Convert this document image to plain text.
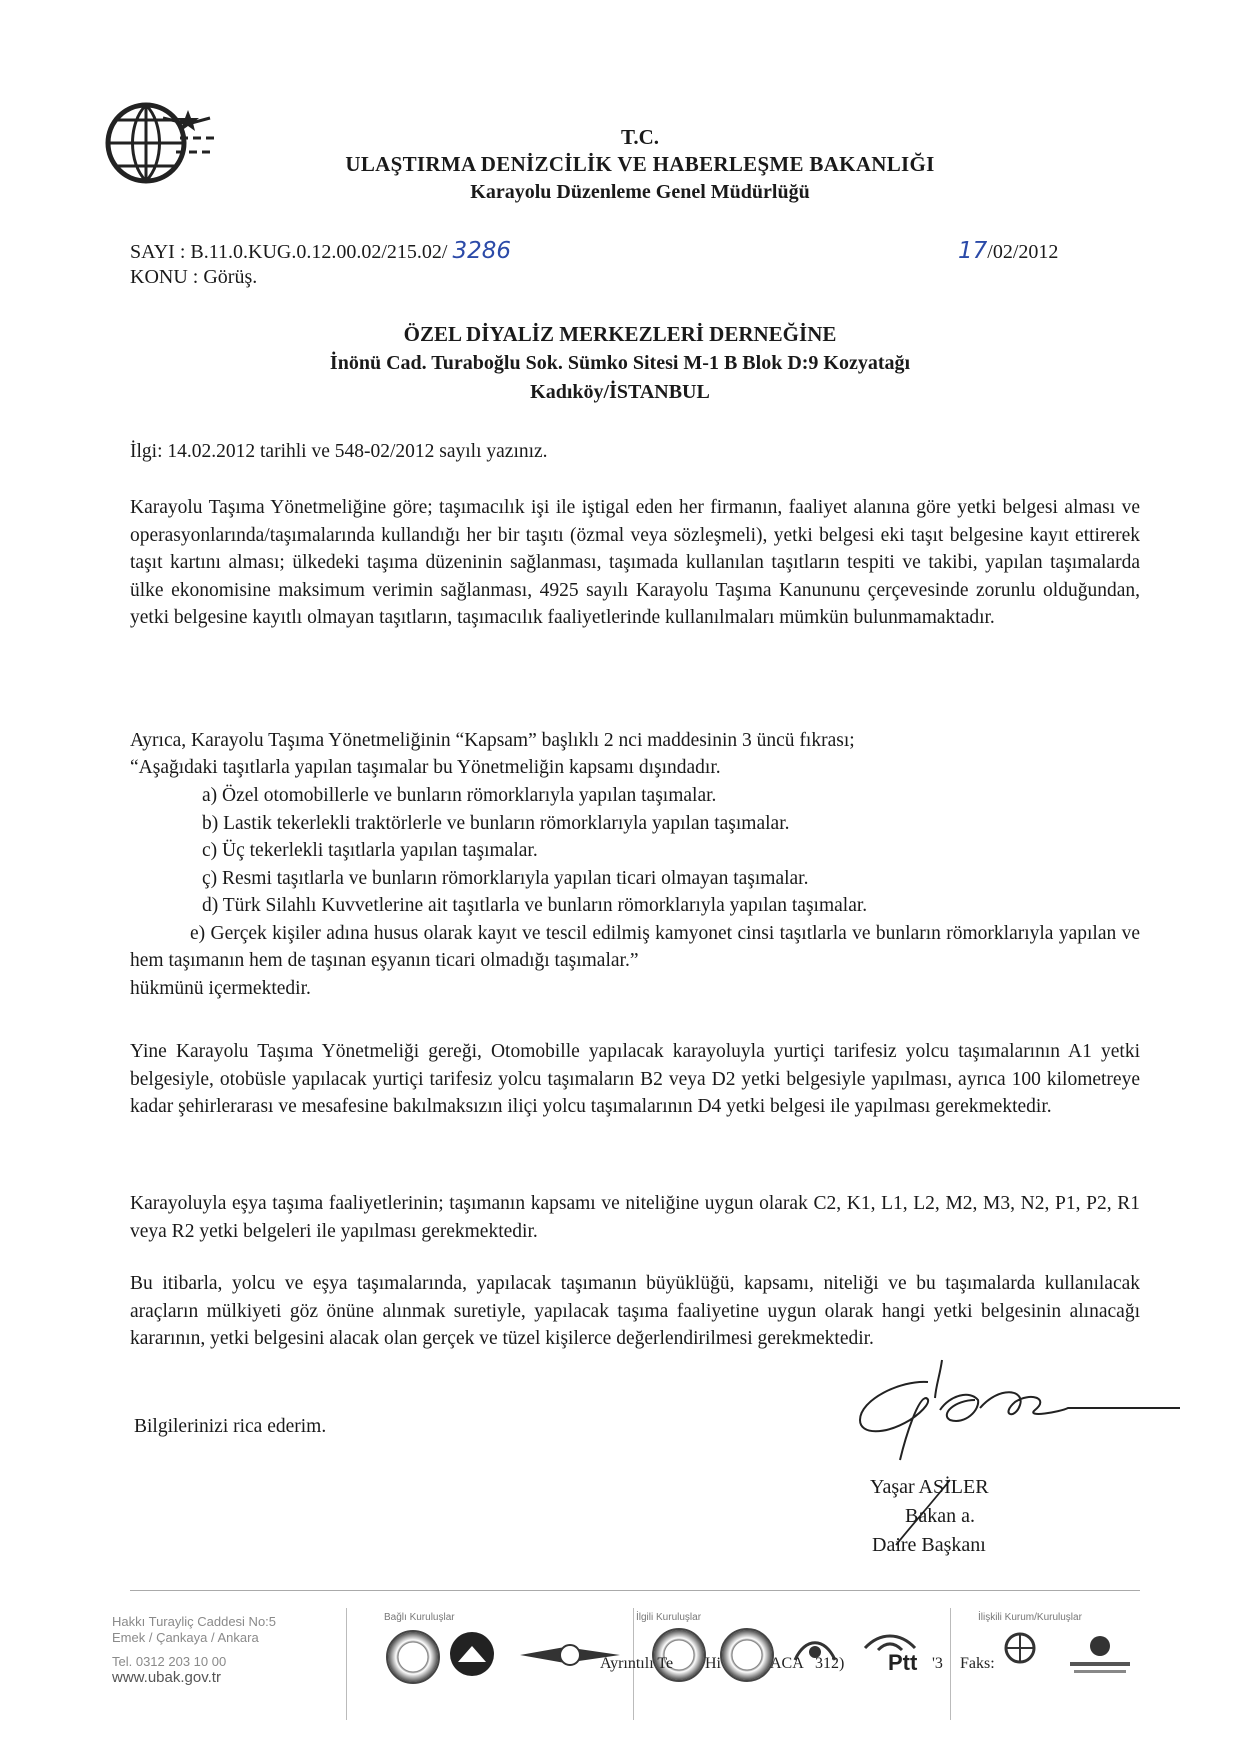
T.C.
ULAŞTIRMA DENİZCİLİK VE HABERLEŞME BAKANLIĞI
Karayolu Düzenleme Genel Müdürlüğü
SAYI : B.11.0.KUG.0.12.00.02/215.02/ 3286	17/02/2012
KONU : Görüş.
ÖZEL DİYALİZ MERKEZLERİ DERNEĞİNE
İnönü Cad. Turaboğlu Sok. Sümko Sitesi M-1 B Blok D:9 Kozyatağı
Kadıköy/İSTANBUL
İlgi: 14.02.2012 tarihli ve 548-02/2012 sayılı yazınız.

Karayolu Taşıma Yönetmeliğine göre; taşımacılık işi ile iştigal eden her firmanın, faaliyet alanına göre yetki belgesi alması ve operasyonlarında/taşımalarında kullandığı her bir taşıtı (özmal veya sözleşmeli), yetki belgesi eki taşıt belgesine kayıt ettirerek taşıt kartını alması; ülkedeki taşıma düzeninin sağlanması, taşımada kullanılan taşıtların tespiti ve takibi, yapılan taşımalarda ülke ekonomisine maksimum verimin sağlanması, 4925 sayılı Karayolu Taşıma Kanununu çerçevesinde zorunlu olduğundan, yetki belgesine kayıtlı olmayan taşıtların, taşımacılık faaliyetlerinde kullanılmaları mümkün bulunmamaktadır.

Ayrıca, Karayolu Taşıma Yönetmeliğinin “Kapsam” başlıklı 2 nci maddesinin 3 üncü fıkrası;
“Aşağıdaki taşıtlarla yapılan taşımalar bu Yönetmeliğin kapsamı dışındadır.
a) Özel otomobillerle ve bunların römorklarıyla yapılan taşımalar.
b) Lastik tekerlekli traktörlerle ve bunların römorklarıyla yapılan taşımalar.
c) Üç tekerlekli taşıtlarla yapılan taşımalar.
ç) Resmi taşıtlarla ve bunların römorklarıyla yapılan ticari olmayan taşımalar.
d) Türk Silahlı Kuvvetlerine ait taşıtlarla ve bunların römorklarıyla yapılan taşımalar.
e) Gerçek kişiler adına husus olarak kayıt ve tescil edilmiş kamyonet cinsi taşıtlarla ve bunların römorklarıyla yapılan ve hem taşımanın hem de taşınan eşyanın ticari olmadığı taşımalar.”
hükmünü içermektedir.

Yine Karayolu Taşıma Yönetmeliği gereği, Otomobille yapılacak karayoluyla yurtiçi tarifesiz yolcu taşımalarının A1 yetki belgesiyle, otobüsle yapılacak yurtiçi tarifesiz yolcu taşımaların B2 veya D2 yetki belgesiyle yapılması, ayrıca 100 kilometreye kadar şehirlerarası ve mesafesine bakılmaksızın iliçi yolcu taşımalarının D4 yetki belgesi ile yapılması gerekmektedir.

Karayoluyla eşya taşıma faaliyetlerinin; taşımanın kapsamı ve niteliğine uygun olarak C2, K1, L1, L2, M2, M3, N2, P1, P2, R1 veya R2 yetki belgeleri ile yapılması gerekmektedir.

Bu itibarla, yolcu ve eşya taşımalarında, yapılacak taşımanın büyüklüğü, kapsamı, niteliği ve bu taşımalarda kullanılacak araçların mülkiyeti göz önüne alınmak suretiyle, yapılacak taşıma faaliyetine uygun olarak hangi yetki belgesinin alınacağı kararının, yetki belgesini alacak olan gerçek ve tüzel kişilerce değerlendirilmesi gerekmektedir.

Bilgilerinizi rica ederim.
Yaşar ASİLER
Bakan a.
Daire Başkanı
Hakkı Turayliç Caddesi No:5
Emek / Çankaya / Ankara
Tel. 0312 203 10 00
www.ubak.gov.tr
Bağlı Kuruluşlar	İlgili Kuruluşlar	İlişkili Kurum/Kuruluşlar
Ayrıntılı Te Hi	ACA 312) Ptt '3 Faks:
